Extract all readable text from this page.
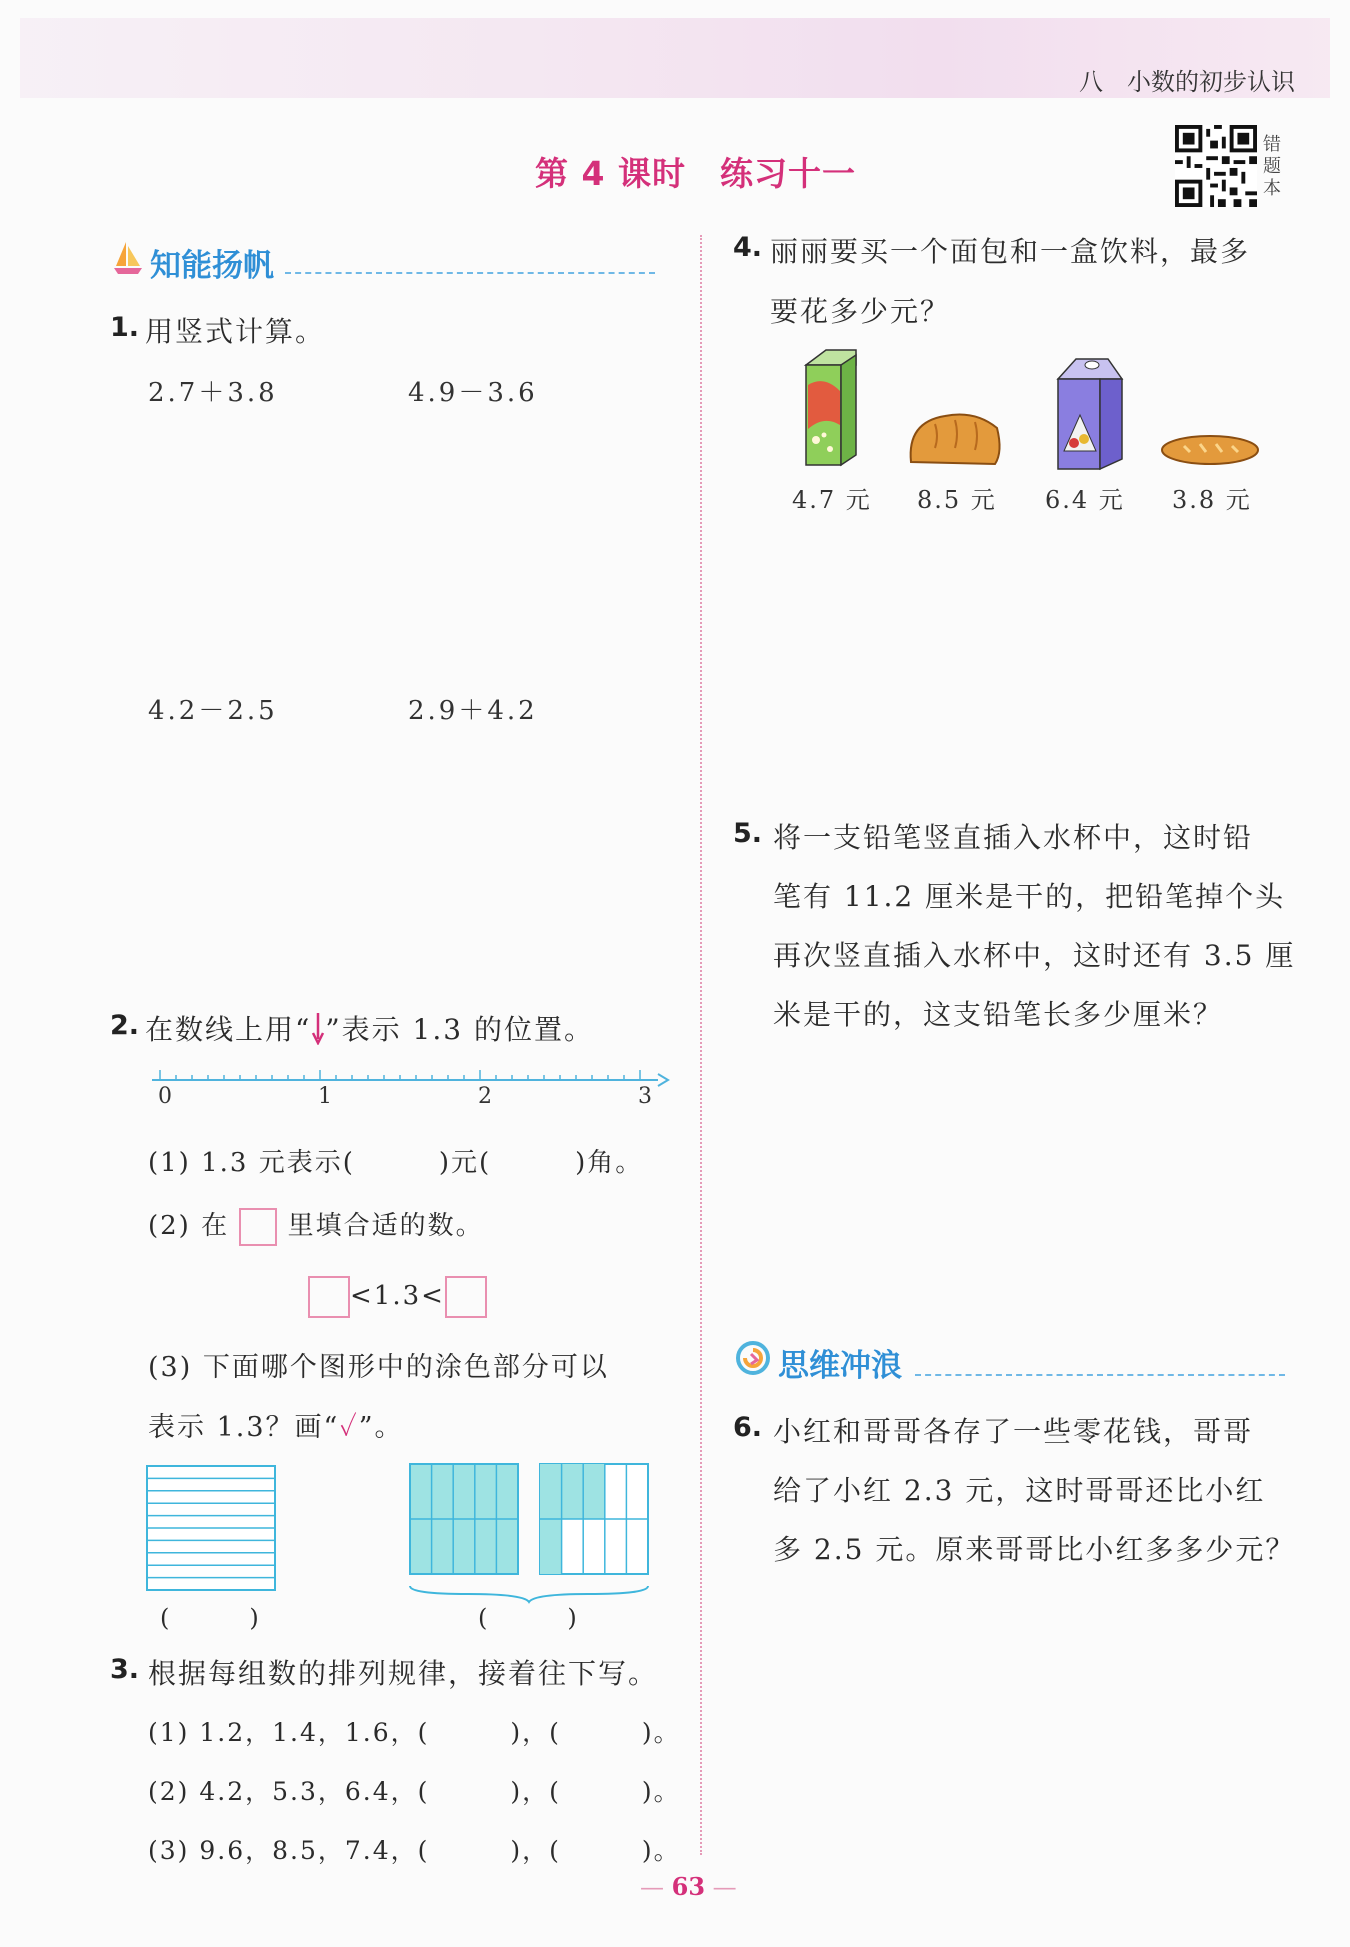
八　小数的初步认识
第 4 课时　练习十一
错题本
知能扬帆
1. 用竖式计算。
2.7＋3.8	4.9－3.6
4.2－2.5	2.9＋4.2
2. 在数线上用“ ”表示 1.3 的位置。
0	1	2	3
(1) 1.3 元表示(　　　)元(　　　)角。
(2) 在 里填合适的数。
<1.3<
(3) 下面哪个图形中的涂色部分可以
表示 1.3？画“✓”。
(　　　)	(　　　)
3. 根据每组数的排列规律，接着往下写。
(1) 1.2，1.4，1.6，(　　　)，(　　　)。
(2) 4.2，5.3，6.4，(　　　)，(　　　)。
(3) 9.6，8.5，7.4，(　　　)，(　　　)。
4. 丽丽要买一个面包和一盒饮料，最多
要花多少元？
4.7 元 8.5 元 6.4 元 3.8 元
5. 将一支铅笔竖直插入水杯中，这时铅
笔有 11.2 厘米是干的，把铅笔掉个头
再次竖直插入水杯中，这时还有 3.5 厘
米是干的，这支铅笔长多少厘米？
思维冲浪
6. 小红和哥哥各存了一些零花钱，哥哥
给了小红 2.3 元，这时哥哥还比小红
多 2.5 元。原来哥哥比小红多多少元？
— 63 —
